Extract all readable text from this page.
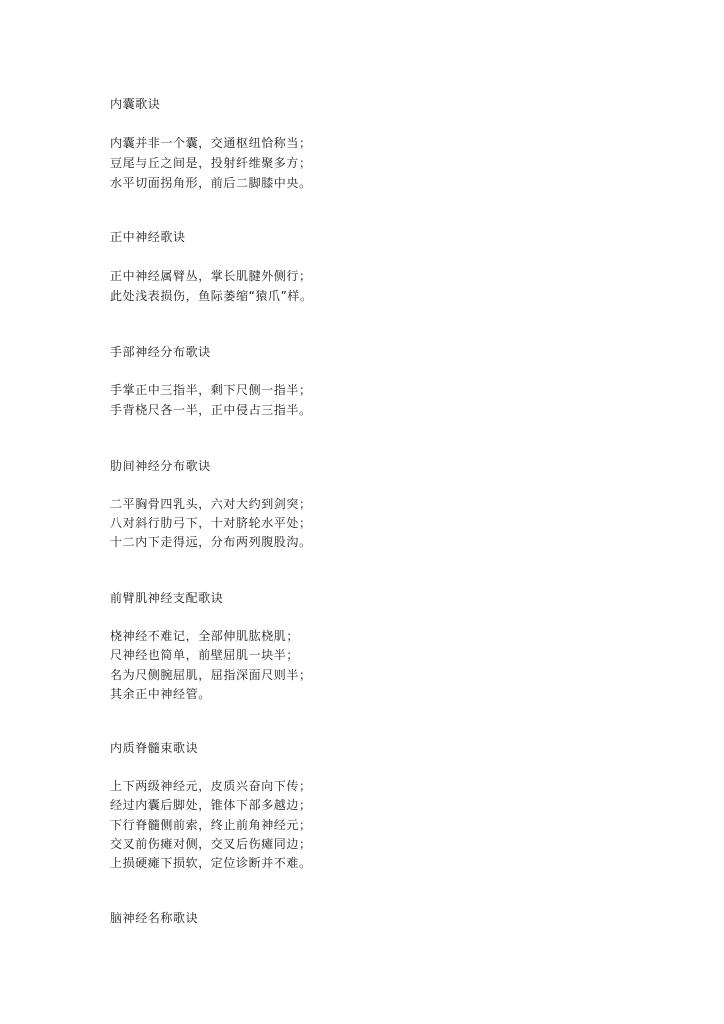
内囊歌诀
内囊并非一个囊，交通枢纽恰称当；
豆尾与丘之间是，投射纤维聚多方；
水平切面拐角形，前后二脚膝中央。
正中神经歌诀
正中神经属臂丛，掌长肌腱外侧行；
此处浅表损伤，鱼际萎缩“猿爪”样。
手部神经分布歌诀
手掌正中三指半，剩下尺侧一指半；
手背桡尺各一半，正中侵占三指半。
肋间神经分布歌诀
二平胸骨四乳头，六对大约到剑突；
八对斜行肋弓下，十对脐轮水平处；
十二内下走得远，分布两列腹股沟。
前臂肌神经支配歌诀
桡神经不难记，全部伸肌肱桡肌；
尺神经也简单，前壁屈肌一块半；
名为尺侧腕屈肌，屈指深面尺则半；
其余正中神经管。
内质脊髓束歌诀
上下两级神经元，皮质兴奋向下传；
经过内囊后脚处，锥体下部多越边；
下行脊髓侧前索，终止前角神经元；
交叉前伤瘫对侧，交叉后伤瘫同边；
上损硬瘫下损软，定位诊断并不难。
脑神经名称歌诀
